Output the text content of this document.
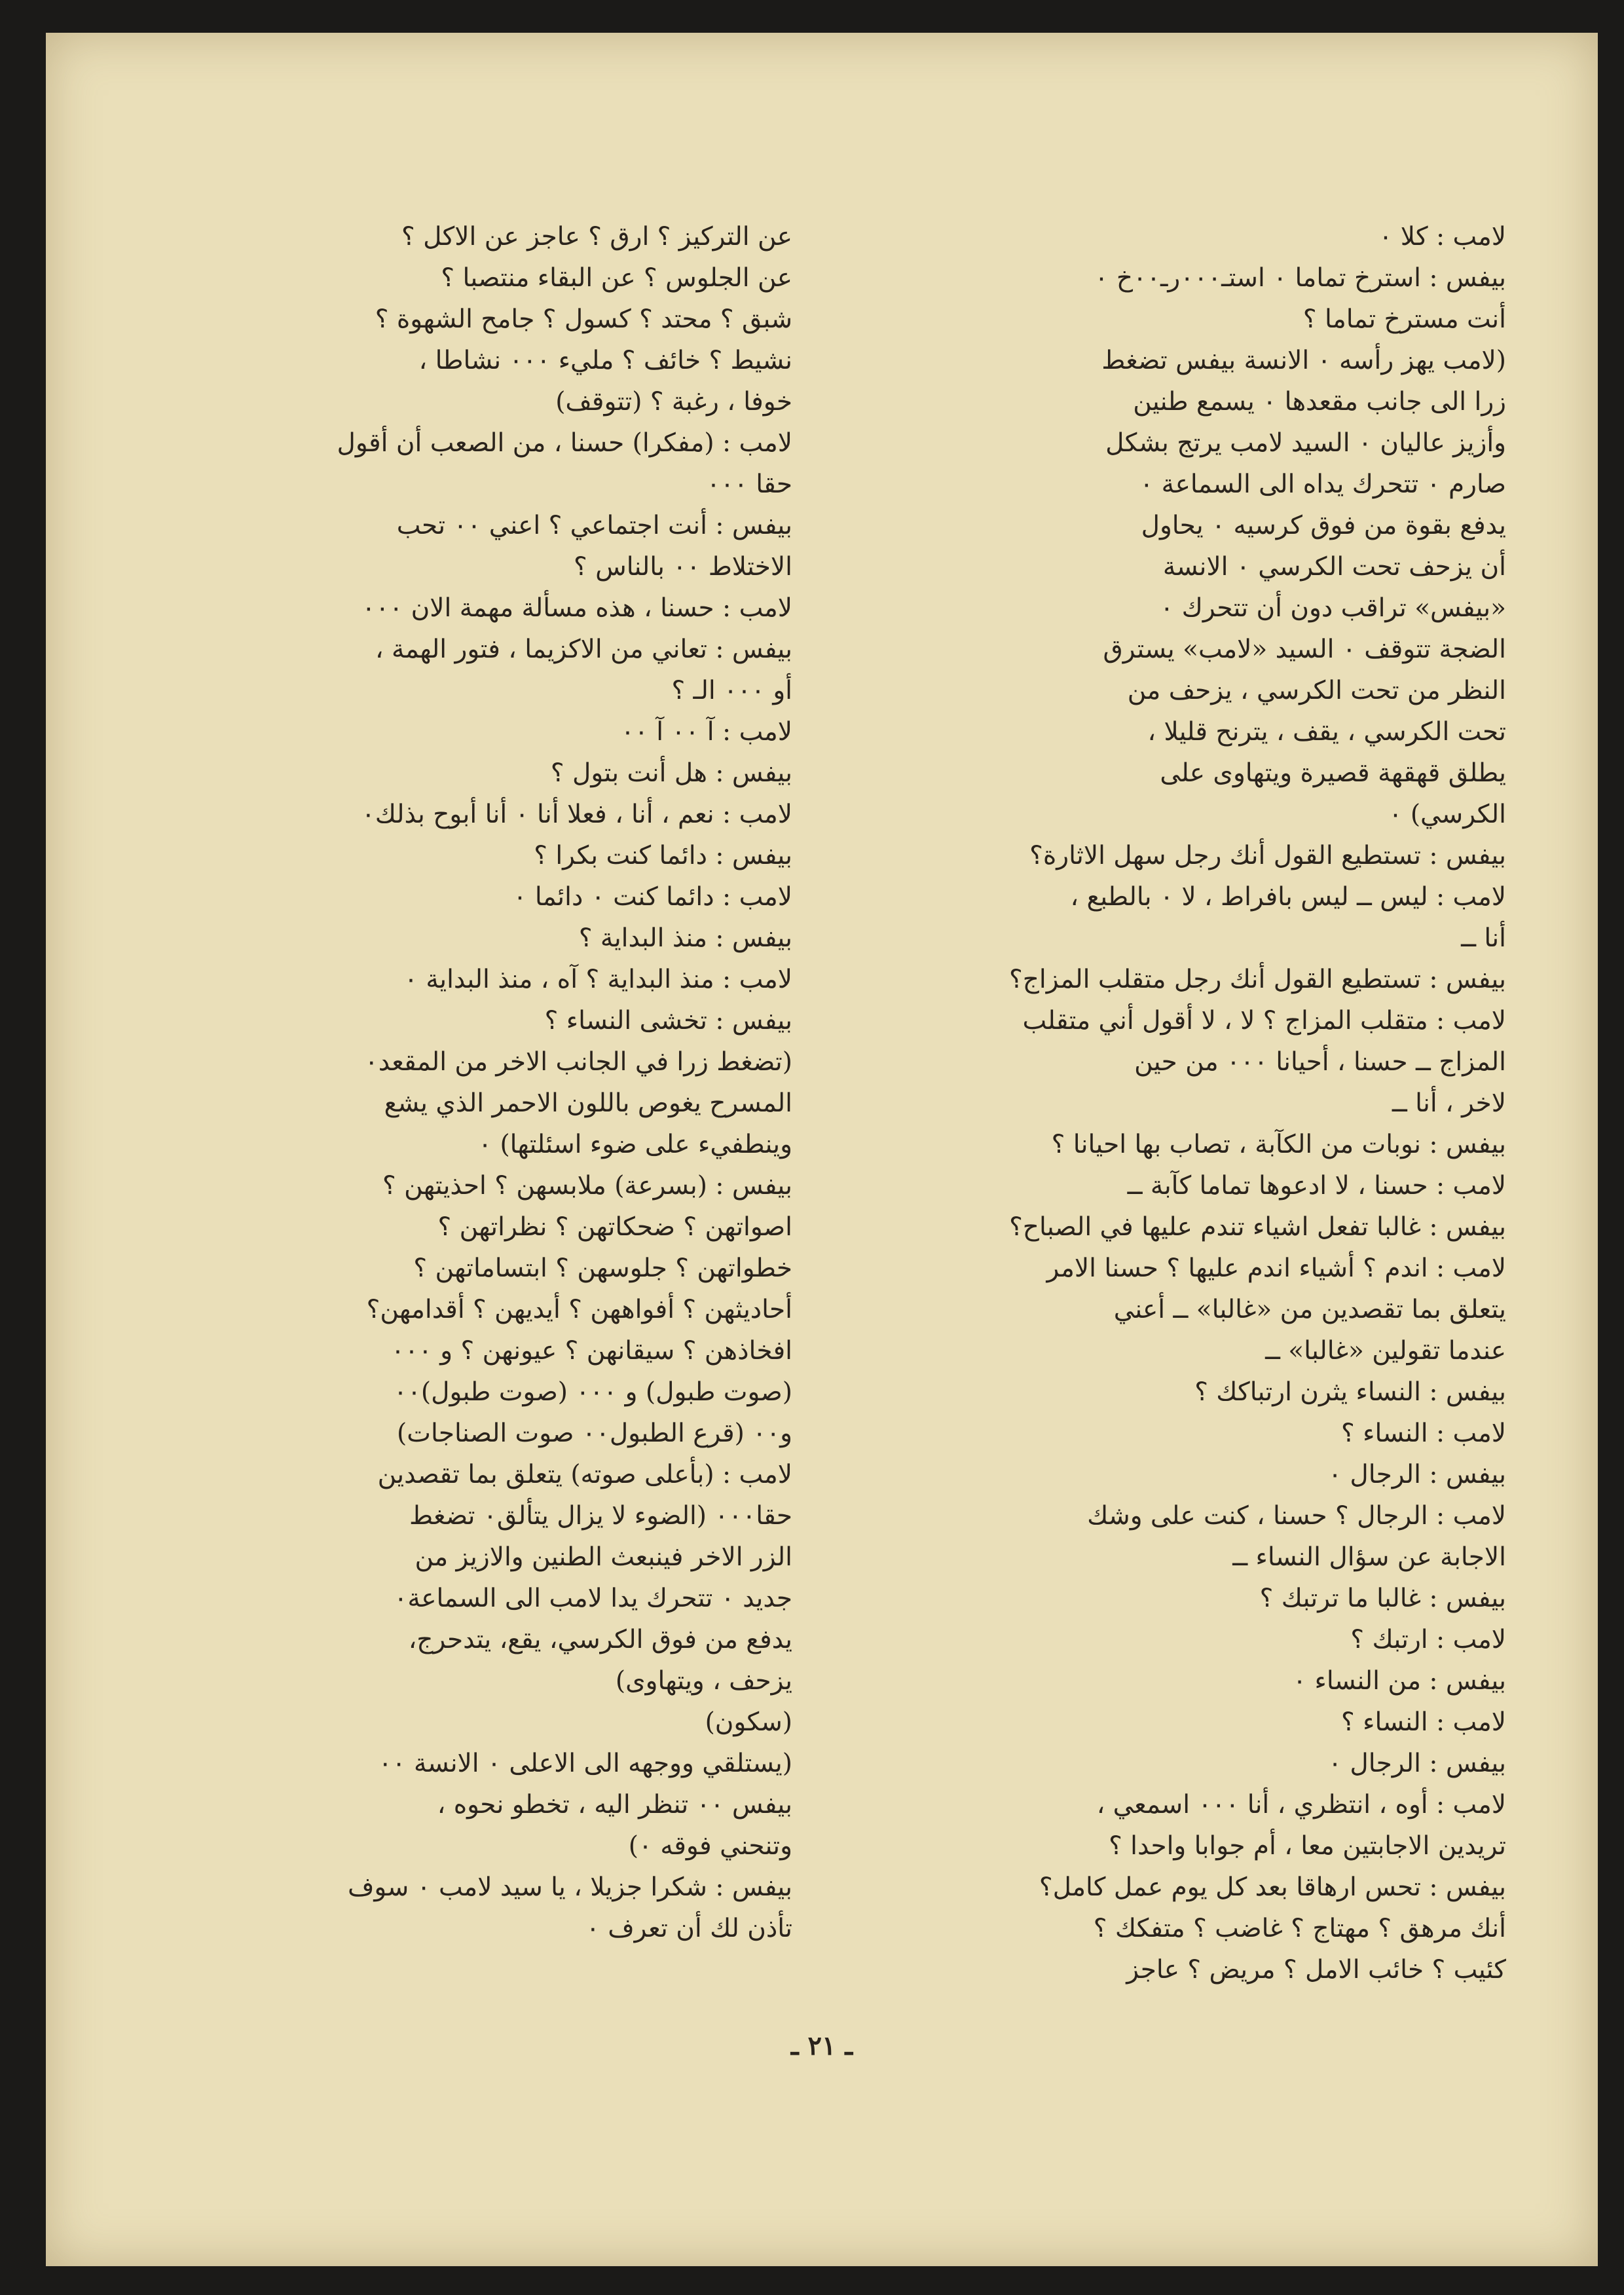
لامب : كلا ٠
بيفس : استرخ تماما ٠ استـ٠٠٠رـ٠٠خ ٠
أنت مسترخ تماما ؟
(لامب يهز رأسه ٠ الانسة بيفس تضغط
زرا الى جانب مقعدها ٠ يسمع طنين
وأزيز عاليان ٠ السيد لامب يرتج بشكل
صارم ٠ تتحرك يداه الى السماعة ٠
يدفع بقوة من فوق كرسيه ٠ يحاول
أن يزحف تحت الكرسي ٠ الانسة
«بيفس» تراقب دون أن تتحرك ٠
الضجة تتوقف ٠ السيد «لامب» يسترق
النظر من تحت الكرسي ، يزحف من
تحت الكرسي ، يقف ، يترنح قليلا ،
يطلق قهقهة قصيرة ويتهاوى على
الكرسي) ٠
بيفس : تستطيع القول أنك رجل سهل الاثارة؟
لامب : ليس ــ ليس بافراط ، لا ٠ بالطبع ،
أنا ــ
بيفس : تستطيع القول أنك رجل متقلب المزاج؟
لامب : متقلب المزاج ؟ لا ، لا أقول أني متقلب
المزاج ــ حسنا ، أحيانا ٠٠٠ من حين
لاخر ، أنا ــ
بيفس : نوبات من الكآبة ، تصاب بها احيانا ؟
لامب : حسنا ، لا ادعوها تماما كآبة ــ
بيفس : غالبا تفعل اشياء تندم عليها في الصباح؟
لامب : اندم ؟ أشياء اندم عليها ؟ حسنا الامر
يتعلق بما تقصدين من «غالبا» ــ أعني
عندما تقولين «غالبا» ــ
بيفس : النساء يثرن ارتباكك ؟
لامب : النساء ؟
بيفس : الرجال ٠
لامب : الرجال ؟ حسنا ، كنت على وشك
الاجابة عن سؤال النساء ــ
بيفس : غالبا ما ترتبك ؟
لامب : ارتبك ؟
بيفس : من النساء ٠
لامب : النساء ؟
بيفس : الرجال ٠
لامب : أوه ، انتظري ، أنا ٠٠٠ اسمعي ،
تريدين الاجابتين معا ، أم جوابا واحدا ؟
بيفس : تحس ارهاقا بعد كل يوم عمل كامل؟
أنك مرهق ؟ مهتاج ؟ غاضب ؟ متفكك ؟
كئيب ؟ خائب الامل ؟ مريض ؟ عاجز
عن التركيز ؟ ارق ؟ عاجز عن الاكل ؟
عن الجلوس ؟ عن البقاء منتصبا ؟
شبق ؟ محتد ؟ كسول ؟ جامح الشهوة ؟
نشيط ؟ خائف ؟ مليء ٠٠٠ نشاطا ،
خوفا ، رغبة ؟ (تتوقف)
لامب : (مفكرا) حسنا ، من الصعب أن أقول
حقا ٠٠٠
بيفس : أنت اجتماعي ؟ اعني ٠٠ تحب
الاختلاط ٠٠ بالناس ؟
لامب : حسنا ، هذه مسألة مهمة الان ٠٠٠
بيفس : تعاني من الاكزيما ، فتور الهمة ،
أو ٠٠٠ الـ ؟
لامب : آ ٠٠ آ ٠٠
بيفس : هل أنت بتول ؟
لامب : نعم ، أنا ، فعلا أنا ٠ أنا أبوح بذلك٠
بيفس : دائما كنت بكرا ؟
لامب : دائما كنت ٠ دائما ٠
بيفس : منذ البداية ؟
لامب : منذ البداية ؟ آه ، منذ البداية ٠
بيفس : تخشى النساء ؟
(تضغط زرا في الجانب الاخر من المقعد٠
المسرح يغوص باللون الاحمر الذي يشع
وينطفيء على ضوء اسئلتها) ٠
بيفس : (بسرعة) ملابسهن ؟ احذيتهن ؟
اصواتهن ؟ ضحكاتهن ؟ نظراتهن ؟
خطواتهن ؟ جلوسهن ؟ ابتساماتهن ؟
أحاديثهن ؟ أفواههن ؟ أيديهن ؟ أقدامهن؟
افخاذهن ؟ سيقانهن ؟ عيونهن ؟ و ٠٠٠
(صوت طبول) و ٠٠٠ (صوت طبول)٠٠
و٠٠ (قرع الطبول٠٠ صوت الصناجات)
لامب : (بأعلى صوته) يتعلق بما تقصدين
حقا٠٠٠ (الضوء لا يزال يتألق٠ تضغط
الزر الاخر فينبعث الطنين والازيز من
جديد ٠ تتحرك يدا لامب الى السماعة٠
يدفع من فوق الكرسي، يقع، يتدحرج،
يزحف ، ويتهاوى)
(سكون)
(يستلقي ووجهه الى الاعلى ٠ الانسة ٠٠
بيفس ٠٠ تنظر اليه ، تخطو نحوه ،
وتنحني فوقه ٠)
بيفس : شكرا جزيلا ، يا سيد لامب ٠ سوف
تأذن لك أن تعرف ٠
ـ ٢١ ـ
